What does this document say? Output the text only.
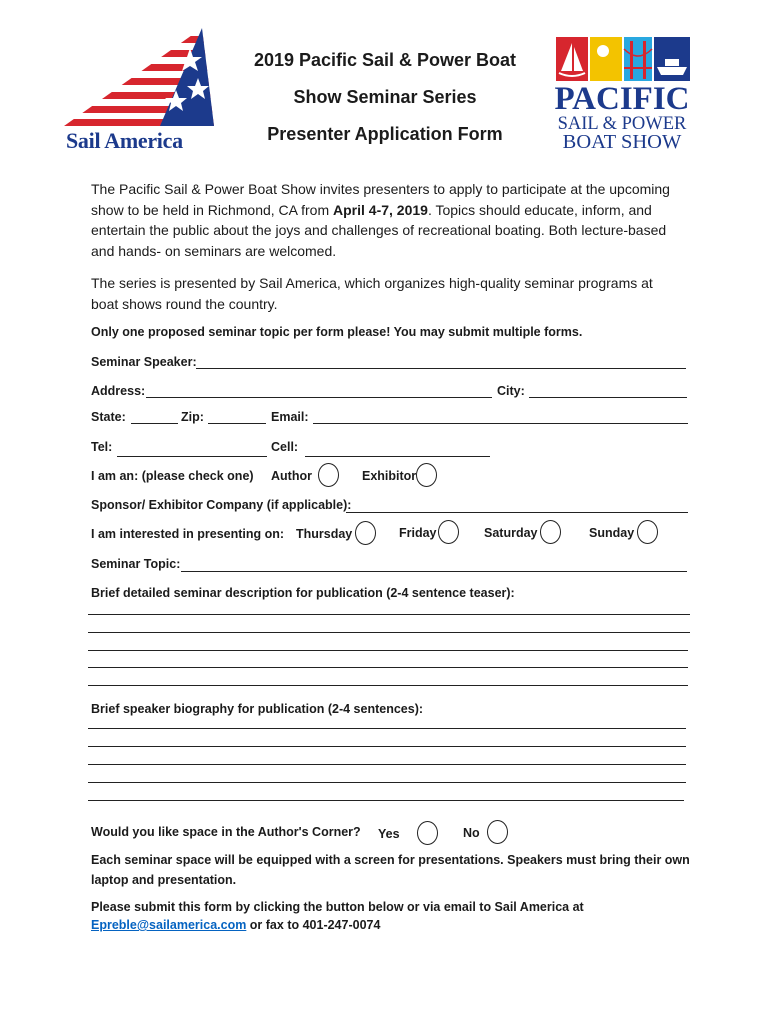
Sail America
PACIFIC
SAIL & POWER
BOAT SHOW
2019 Pacific Sail & Power Boat
Show Seminar Series
Presenter Application Form
The Pacific Sail & Power Boat Show invites presenters to apply to participate at the upcoming show to be held in Richmond, CA from April 4-7, 2019. Topics should educate, inform, and entertain the public about the joys and challenges of recreational boating. Both lecture-based and hands- on seminars are welcomed.
The series is presented by Sail America, which organizes high-quality seminar programs at boat shows round the country.
Only one proposed seminar topic per form please! You may submit multiple forms.
Seminar Speaker:
Address:	City:
State:	Zip:	Email:
Tel:	Cell:
I am an: (please check one) Author	Exhibitor
Sponsor/ Exhibitor Company (if applicable):
I am interested in presenting on: Thursday	Friday	Saturday	Sunday
Seminar Topic:
Brief detailed seminar description for publication (2-4 sentence teaser):
Brief speaker biography for publication (2-4 sentences):
Would you like space in the Author's Corner? Yes	No
Each seminar space will be equipped with a screen for presentations. Speakers must bring their own laptop and presentation.
Please submit this form by clicking the button below or via email to Sail America at
Epreble@sailamerica.com or fax to 401-247-0074
